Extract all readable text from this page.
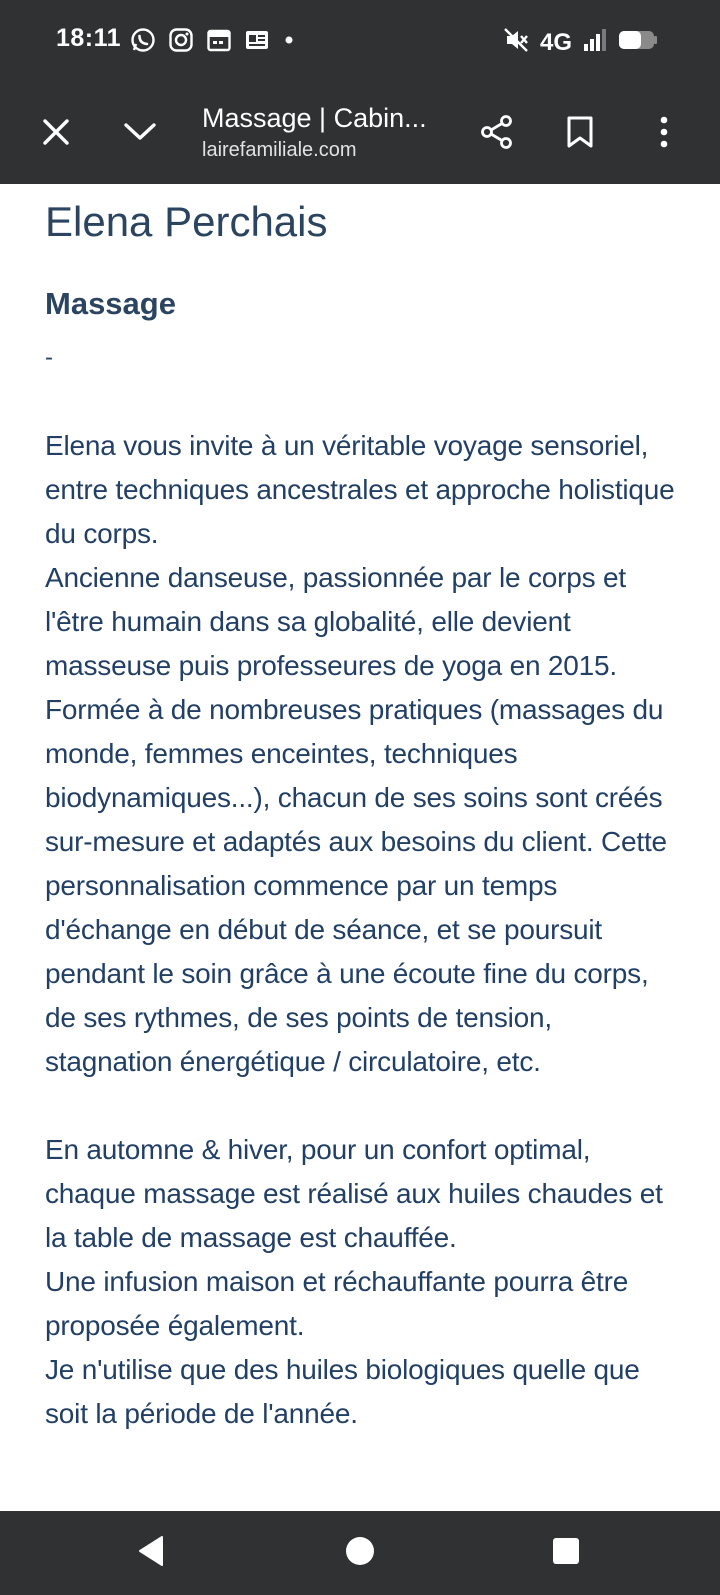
18:11	4G
Massage | Cabin...
lairefamiliale.com
Elena Perchais
Massage
-

Elena vous invite à un véritable voyage sensoriel, entre techniques ancestrales et approche holistique du corps.

Ancienne danseuse, passionnée par le corps et l'être humain dans sa globalité, elle devient masseuse puis professeures de yoga en 2015.

Formée à de nombreuses pratiques (massages du monde, femmes enceintes, techniques biodynamiques...), chacun de ses soins sont créés sur-mesure et adaptés aux besoins du client. Cette personnalisation commence par un temps d'échange en début de séance, et se poursuit pendant le soin grâce à une écoute fine du corps, de ses rythmes, de ses points de tension, stagnation énergétique / circulatoire, etc.

En automne & hiver, pour un confort optimal, chaque massage est réalisé aux huiles chaudes et la table de massage est chauffée.

Une infusion maison et réchauffante pourra être proposée également.

Je n'utilise que des huiles biologiques quelle que soit la période de l'année.
